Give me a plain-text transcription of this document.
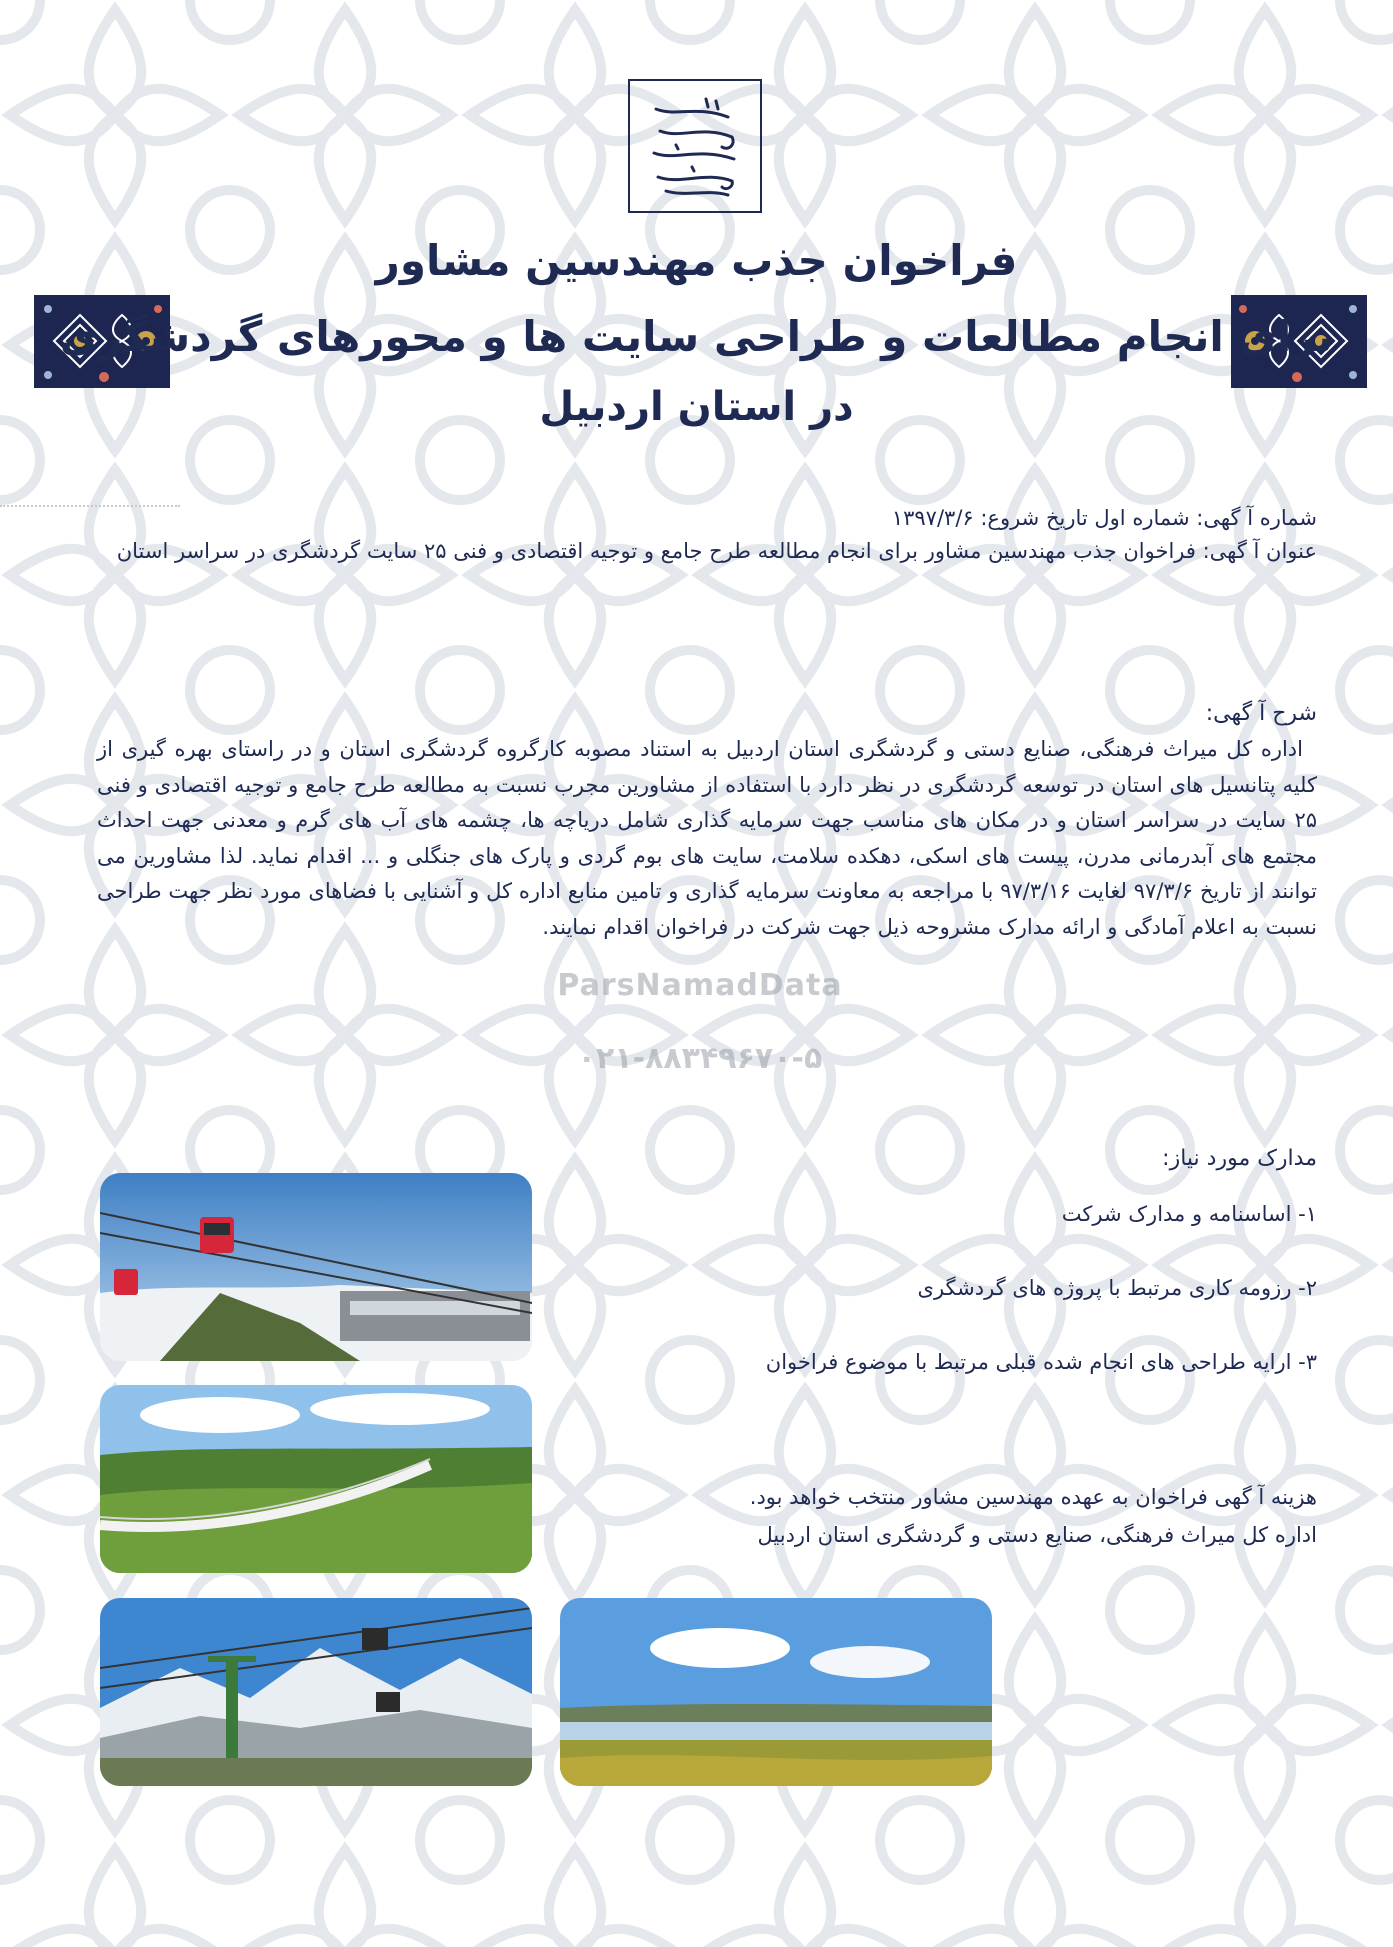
فراخوان جذب مهندسین مشاور
برای انجام مطالعات و طراحی سایت ها و محورهای گردشگری
در استان اردبیل

شماره آ گهی: شماره اول تاریخ شروع: ۱۳۹۷/۳/۶

عنوان آ گهی: فراخوان جذب مهندسین مشاور برای انجام مطالعه طرح جامع و توجیه اقتصادی و فنی ۲۵ سایت گردشگری در سراسر استان

شرح آ گهی:

اداره کل میراث فرهنگی، صنایع دستی و گردشگری استان اردبیل به استناد مصوبه کارگروه گردشگری استان و در راستای بهره گیری از کلیه پتانسیل های استان در توسعه گردشگری در نظر دارد با استفاده از مشاورین مجرب نسبت به مطالعه طرح جامع و توجیه اقتصادی و فنی ۲۵ سایت در سراسر استان و در مکان های مناسب جهت سرمایه گذاری شامل دریاچه ها، چشمه های آب های گرم و معدنی جهت احداث مجتمع های آبدرمانی مدرن، پیست های اسکی، دهکده سلامت، سایت های بوم گردی و پارک های جنگلی و ... اقدام نماید. لذا مشاورین می توانند از تاریخ ۹۷/۳/۶ لغایت ۹۷/۳/۱۶ با مراجعه به معاونت سرمایه گذاری و تامین منابع اداره کل و آشنایی با فضاهای مورد نظر جهت طراحی نسبت به اعلام آمادگی و ارائه مدارک مشروحه ذیل جهت شرکت در فراخوان اقدام نمایند.

ParsNamadData
۰۲۱-۸۸۳۴۹۶۷۰-۵

مدارک مورد نیاز:

۱- اساسنامه و مدارک شرکت
۲- رزومه کاری مرتبط با پروژه های گردشگری
۳- ارایه طراحی های انجام شده قبلی مرتبط با موضوع فراخوان

هزینه آ گهی فراخوان به عهده مهندسین مشاور منتخب خواهد بود.

اداره کل میراث فرهنگی، صنایع دستی و گردشگری استان اردبیل
